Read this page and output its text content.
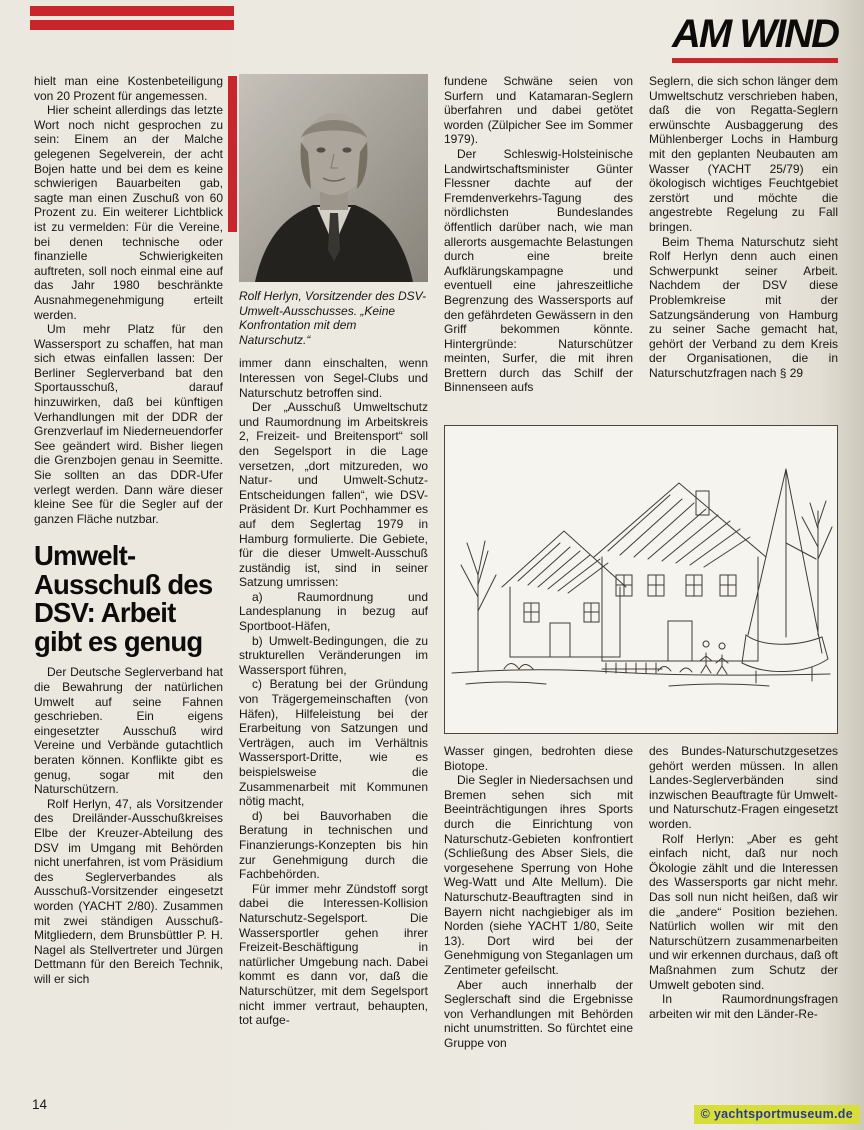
AM WIND

hielt man eine Kostenbeteiligung von 20 Prozent für angemessen.

Hier scheint allerdings das letzte Wort noch nicht gesprochen zu sein: Einem an der Malche gelegenen Segelverein, der acht Bojen hatte und bei dem es keine schwierigen Bauarbeiten gab, sagte man einen Zuschuß von 60 Prozent zu. Ein weiterer Lichtblick ist zu vermelden: Für die Vereine, bei denen technische oder finanzielle Schwierigkeiten auftreten, soll noch einmal eine auf das Jahr 1980 beschränkte Ausnahmegenehmigung erteilt werden.

Um mehr Platz für den Wassersport zu schaffen, hat man sich etwas einfallen lassen: Der Berliner Seglerverband bat den Sportausschuß, darauf hinzuwirken, daß bei künftigen Verhandlungen mit der DDR der Grenzverlauf im Niederneuendorfer See geändert wird. Bisher liegen die Grenzbojen genau in Seemitte. Sie sollten an das DDR-Ufer verlegt werden. Dann wäre dieser kleine See für die Segler auf der ganzen Fläche nutzbar.

Umwelt-
Ausschuß des
DSV: Arbeit
gibt es genug

Der Deutsche Seglerverband hat die Bewahrung der natürlichen Umwelt auf seine Fahnen geschrieben. Ein eigens eingesetzter Ausschuß wird Vereine und Verbände gutachtlich beraten können. Konflikte gibt es genug, sogar mit den Naturschützern.

Rolf Herlyn, 47, als Vorsitzender des Dreiländer-Ausschußkreises Elbe der Kreuzer-Abteilung des DSV im Umgang mit Behörden nicht unerfahren, ist vom Präsidium des Seglerverbandes als Ausschuß-Vorsitzender eingesetzt worden (YACHT 2/80). Zusammen mit zwei ständigen Ausschuß-Mitgliedern, dem Brunsbüttler P. H. Nagel als Stellvertreter und Jürgen Dettmann für den Bereich Technik, will er sich

Rolf Herlyn, Vorsitzender des DSV-Umwelt-Ausschusses. „Keine Konfrontation mit dem Naturschutz.“

immer dann einschalten, wenn Interessen von Segel-Clubs und Naturschutz betroffen sind.

Der „Ausschuß Umweltschutz und Raumordnung im Arbeitskreis 2, Freizeit- und Breitensport“ soll den Segelsport in die Lage versetzen, „dort mitzureden, wo Natur- und Umwelt-Schutz-Entscheidungen fallen“, wie DSV-Präsident Dr. Kurt Pochhammer es auf dem Seglertag 1979 in Hamburg formulierte. Die Gebiete, für die dieser Umwelt-Ausschuß zuständig ist, sind in seiner Satzung umrissen:

a) Raumordnung und Landesplanung in bezug auf Sportboot-Häfen,

b) Umwelt-Bedingungen, die zu strukturellen Veränderungen im Wassersport führen,

c) Beratung bei der Gründung von Trägergemeinschaften (von Häfen), Hilfeleistung bei der Erarbeitung von Satzungen und Verträgen, auch im Verhältnis Wassersport-Dritte, wie es beispielsweise die Zusammenarbeit mit Kommunen nötig macht,

d) bei Bauvorhaben die Beratung in technischen und Finanzierungs-Konzepten bis hin zur Genehmigung durch die Fachbehörden.

Für immer mehr Zündstoff sorgt dabei die Interessen-Kollision Naturschutz-Segelsport. Die Wassersportler gehen ihrer Freizeit-Beschäftigung in natürlicher Umgebung nach. Dabei kommt es dann vor, daß die Naturschützer, mit dem Segelsport nicht immer vertraut, behaupten, tot aufge-

fundene Schwäne seien von Surfern und Katamaran-Seglern überfahren und dabei getötet worden (Zülpicher See im Sommer 1979).

Der Schleswig-Holsteinische Landwirtschaftsminister Günter Flessner dachte auf der Fremdenverkehrs-Tagung des nördlichsten Bundeslandes öffentlich darüber nach, wie man allerorts ausgemachte Belastungen durch eine breite Aufklärungskampagne und eventuell eine jahreszeitliche Begrenzung des Wassersports auf den gefährdeten Gewässern in den Griff bekommen könnte. Hintergründe: Naturschützer meinten, Surfer, die mit ihren Brettern durch das Schilf der Binnenseen aufs

Seglern, die sich schon länger dem Umweltschutz verschrieben haben, daß die von Regatta-Seglern erwünschte Ausbaggerung des Mühlenberger Lochs in Hamburg mit den geplanten Neubauten am Wasser (YACHT 25/79) ein ökologisch wichtiges Feuchtgebiet zerstört und möchte die angestrebte Regelung zu Fall bringen.

Beim Thema Naturschutz sieht Rolf Herlyn denn auch einen Schwerpunkt seiner Arbeit. Nachdem der DSV diese Problemkreise mit der Satzungsänderung von Hamburg zu seiner Sache gemacht hat, gehört der Verband zu dem Kreis der Organisationen, die in Naturschutzfragen nach § 29

Wasser gingen, bedrohten diese Biotope.

Die Segler in Niedersachsen und Bremen sehen sich mit Beeinträchtigungen ihres Sports durch die Einrichtung von Naturschutz-Gebieten konfrontiert (Schließung des Abser Siels, die vorgesehene Sperrung von Hohe Weg-Watt und Alte Mellum). Die Naturschutz-Beauftragten sind in Bayern nicht nachgiebiger als im Norden (siehe YACHT 1/80, Seite 13). Dort wird bei der Genehmigung von Steganlagen um Zentimeter gefeilscht.

Aber auch innerhalb der Seglerschaft sind die Ergebnisse von Verhandlungen mit Behörden nicht unumstritten. So fürchtet eine Gruppe von

des Bundes-Naturschutzgesetzes gehört werden müssen. In allen Landes-Seglerverbänden sind inzwischen Beauftragte für Umwelt- und Naturschutz-Fragen eingesetzt worden.

Rolf Herlyn: „Aber es geht einfach nicht, daß nur noch Ökologie zählt und die Interessen des Wassersports gar nicht mehr. Das soll nun nicht heißen, daß wir die „andere“ Position beziehen. Natürlich wollen wir mit den Naturschützern zusammenarbeiten und wir erkennen durchaus, daß oft Maßnahmen zum Schutz der Umwelt geboten sind.

In Raumordnungsfragen arbeiten wir mit den Länder-Re-

14
© yachtsportmuseum.de
